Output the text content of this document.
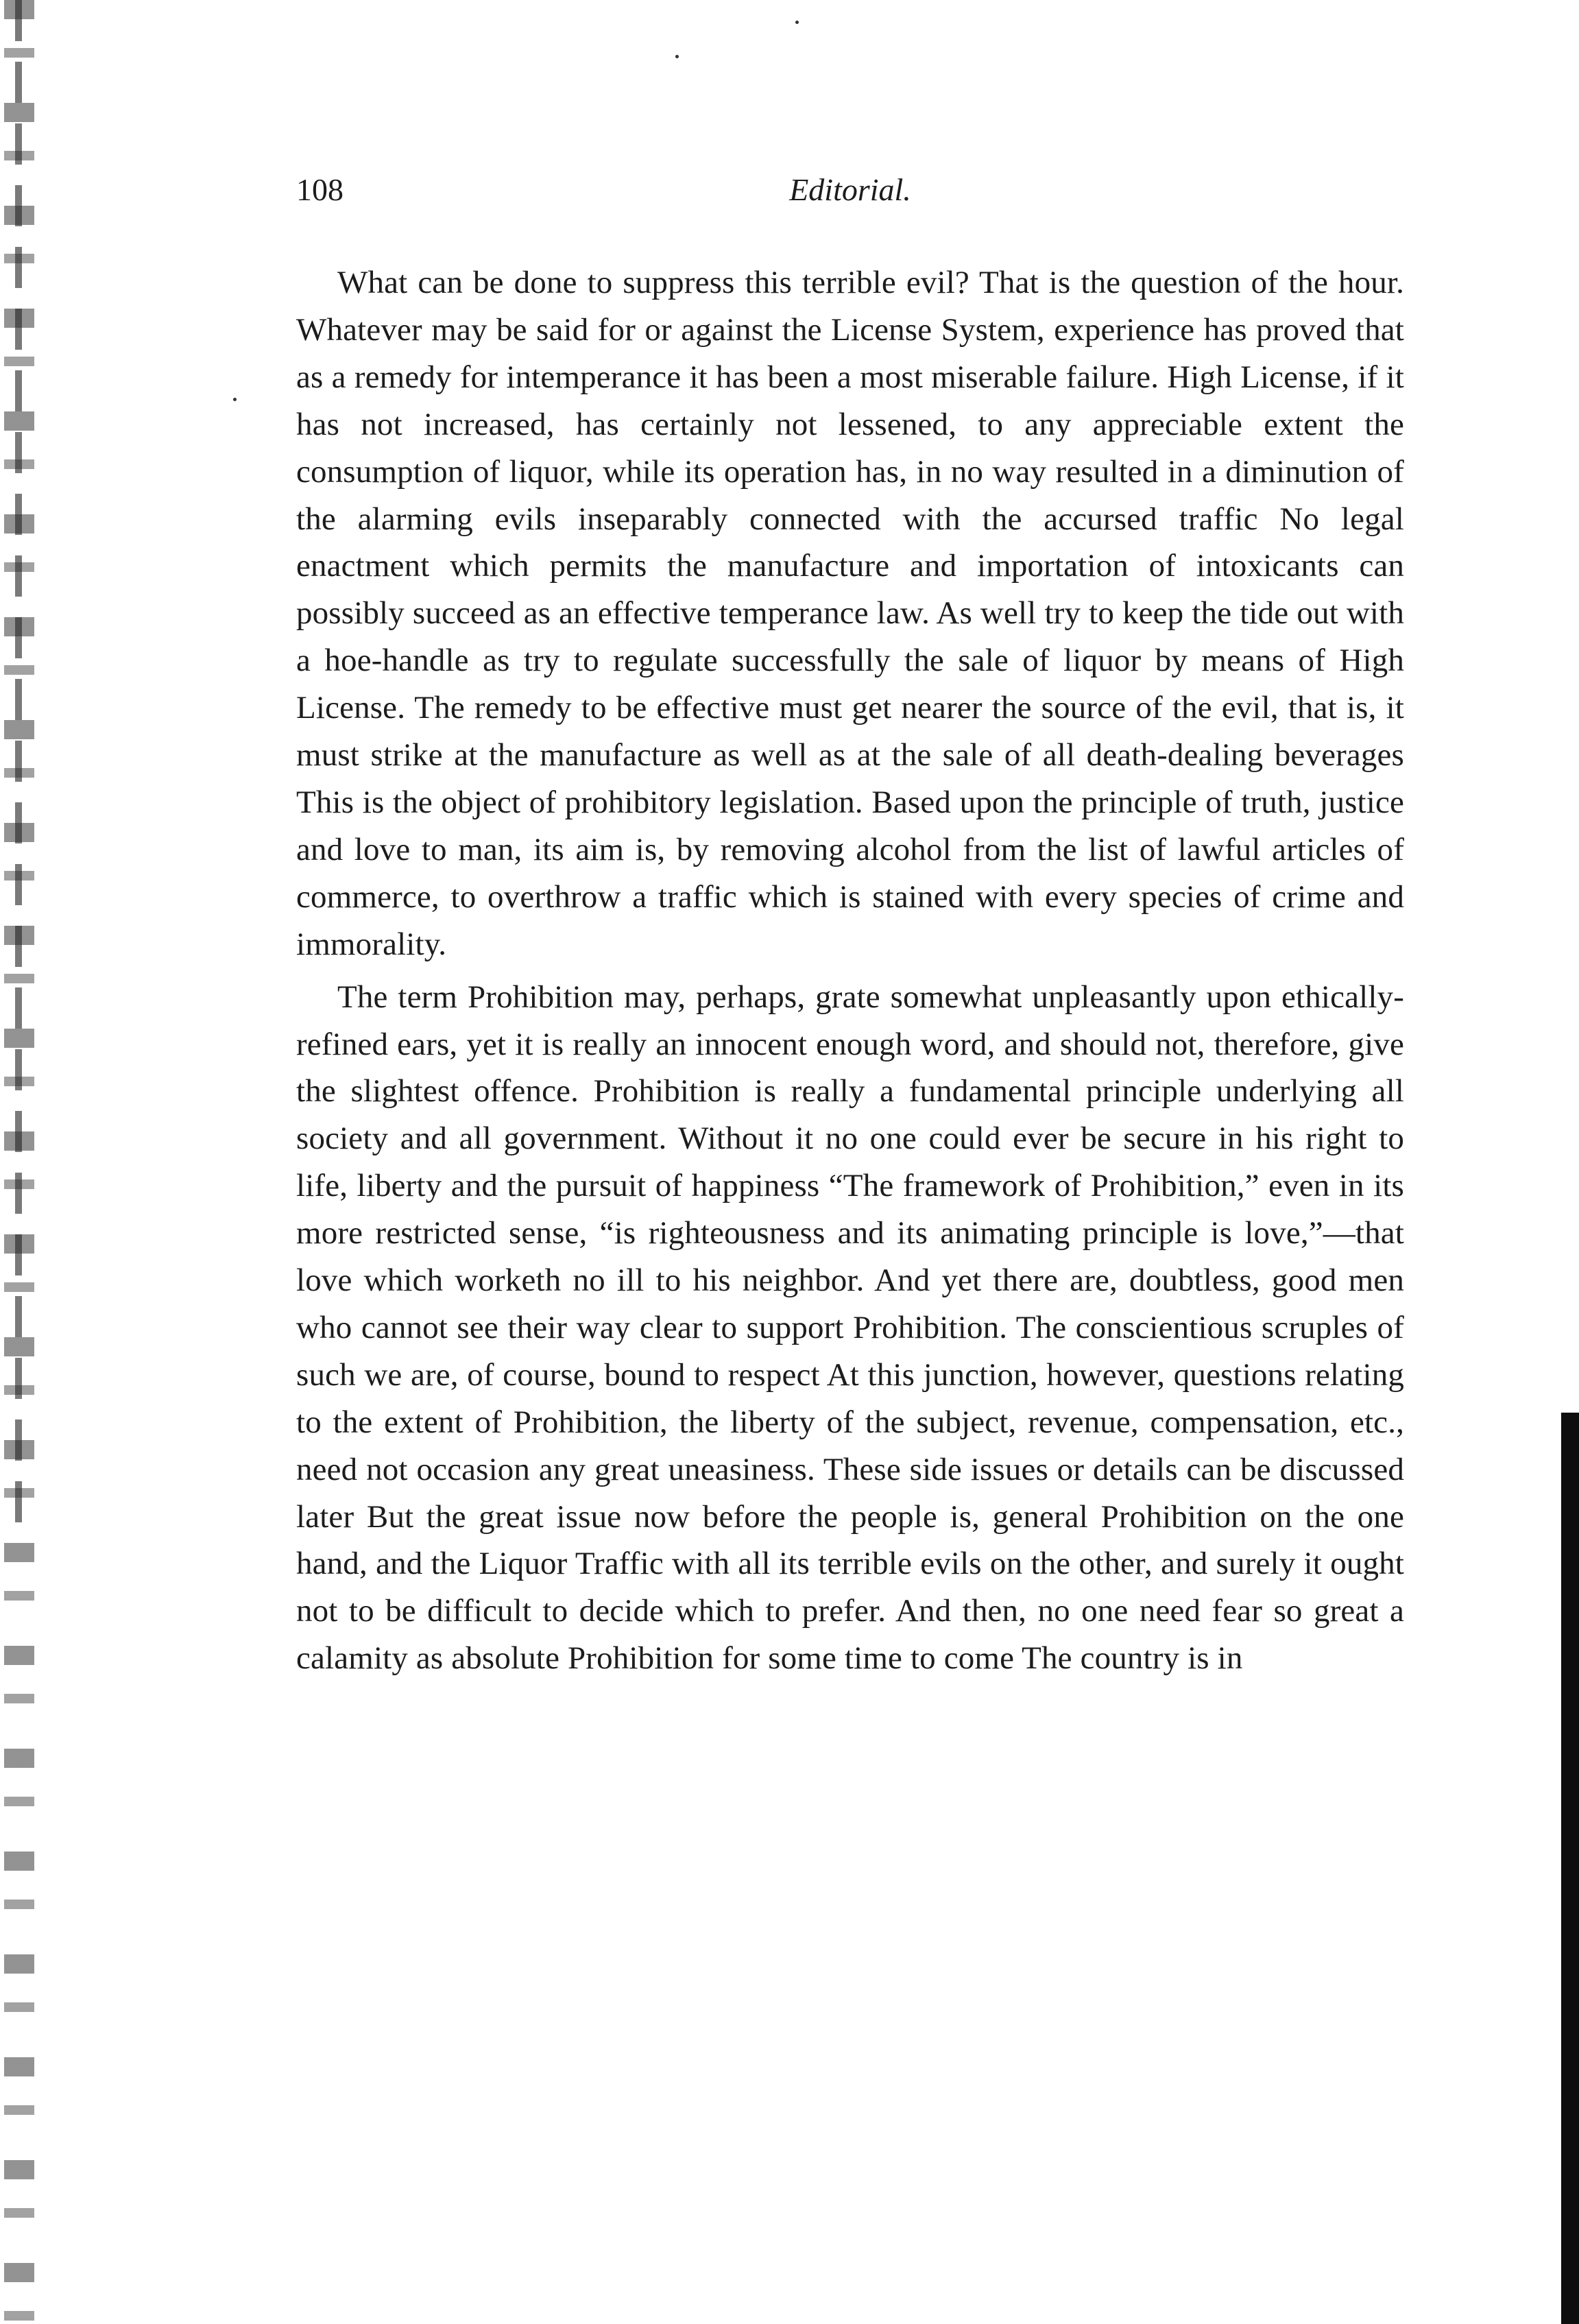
108	Editorial.

What can be done to suppress this terrible evil? That is the question of the hour. Whatever may be said for or against the License System, experience has proved that as a remedy for intemperance it has been a most miserable failure. High License, if it has not increased, has certainly not lessened, to any appreciable extent the consumption of liquor, while its operation has, in no way resulted in a diminution of the alarming evils inseparably connected with the accursed traffic No legal enactment which permits the manufacture and importation of intoxicants can possibly succeed as an effective temperance law. As well try to keep the tide out with a hoe-handle as try to regulate successfully the sale of liquor by means of High License. The remedy to be effective must get nearer the source of the evil, that is, it must strike at the manufacture as well as at the sale of all death-dealing beverages This is the object of prohibitory legislation. Based upon the principle of truth, justice and love to man, its aim is, by removing alcohol from the list of lawful articles of commerce, to overthrow a traffic which is stained with every species of crime and immorality.

The term Prohibition may, perhaps, grate somewhat unpleasantly upon ethically-refined ears, yet it is really an innocent enough word, and should not, therefore, give the slightest offence. Prohibition is really a fundamental principle underlying all society and all government. Without it no one could ever be secure in his right to life, liberty and the pursuit of happiness “The framework of Prohibition,” even in its more restricted sense, “is righteousness and its animating principle is love,”—that love which worketh no ill to his neighbor. And yet there are, doubtless, good men who cannot see their way clear to support Prohibition. The conscientious scruples of such we are, of course, bound to respect At this junction, however, questions relating to the extent of Prohibition, the liberty of the subject, revenue, compensation, etc., need not occasion any great uneasiness. These side issues or details can be discussed later But the great issue now before the people is, general Prohibition on the one hand, and the Liquor Traffic with all its terrible evils on the other, and surely it ought not to be difficult to decide which to prefer. And then, no one need fear so great a calamity as absolute Prohibition for some time to come The country is in
